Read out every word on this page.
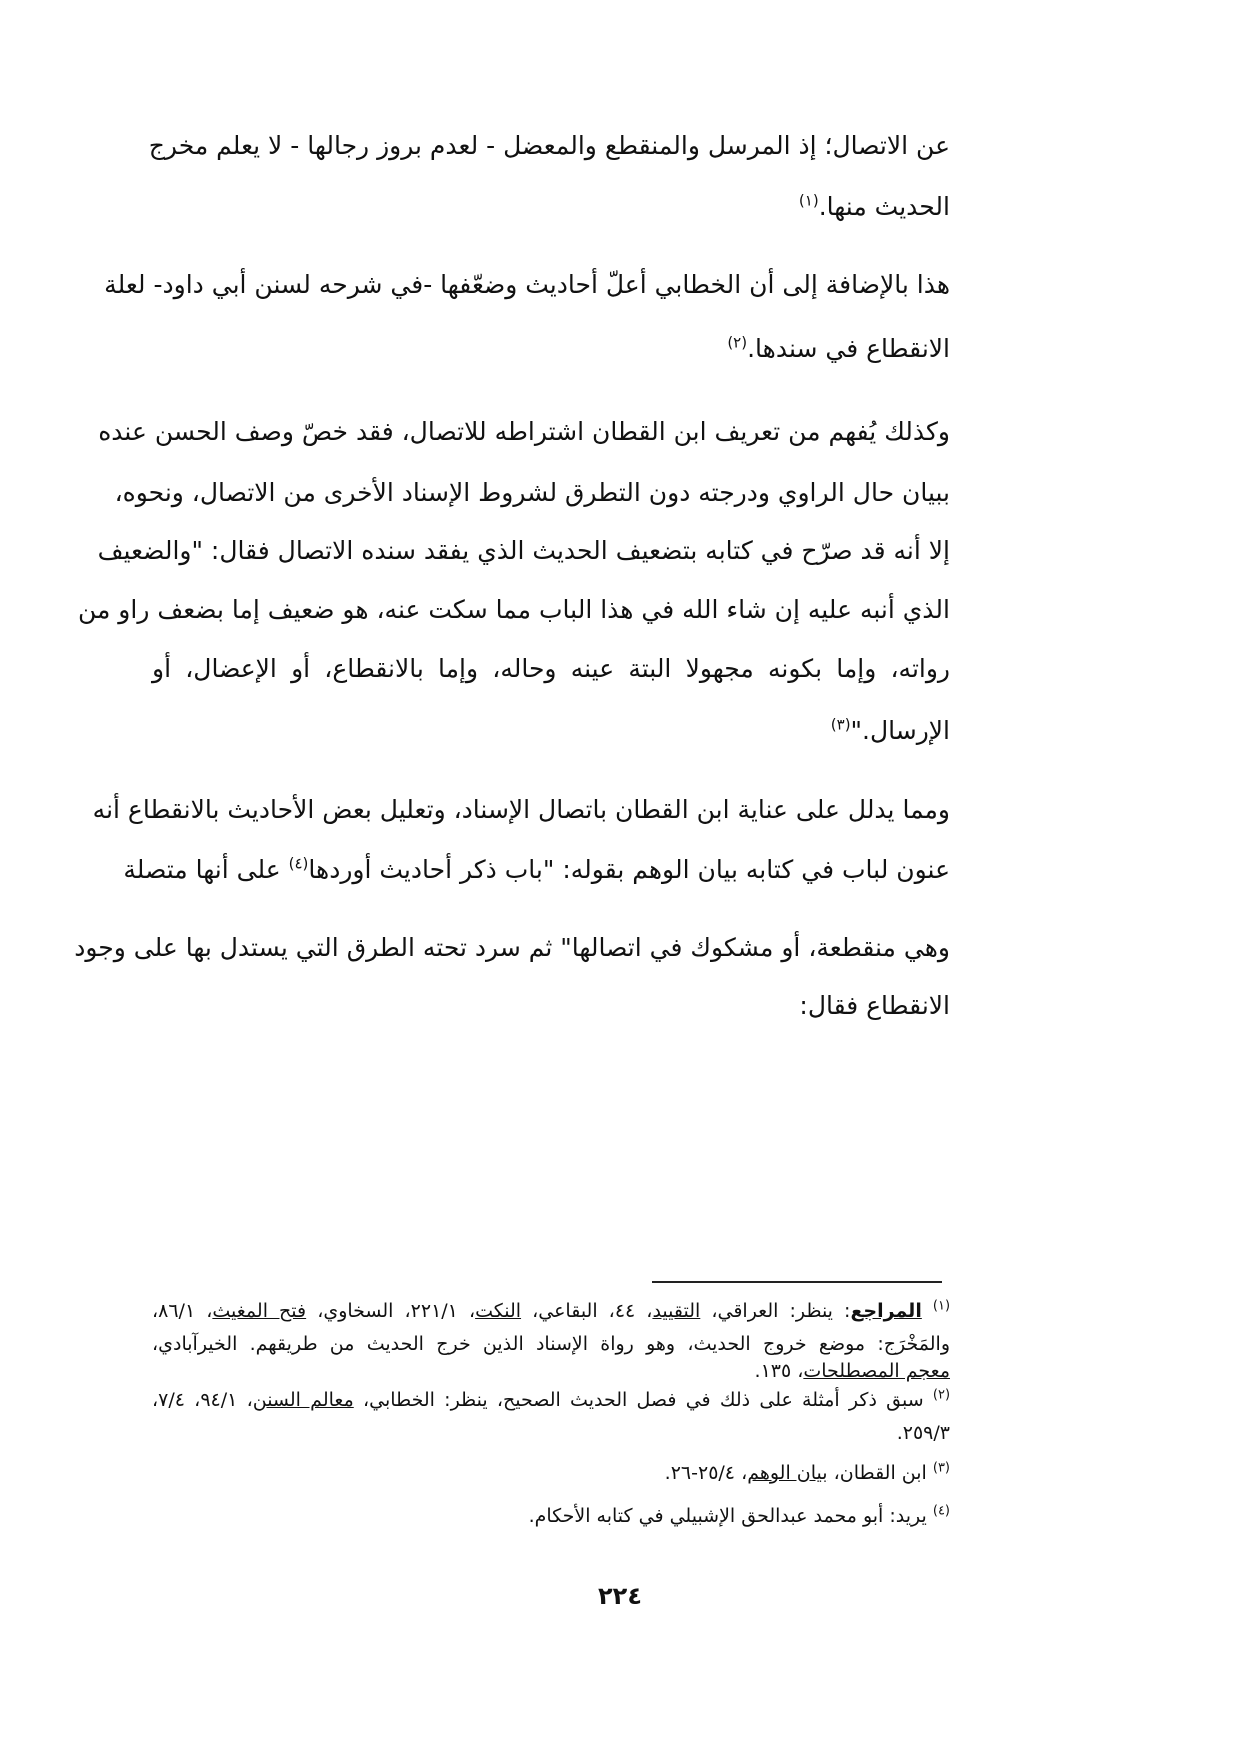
عن الاتصال؛ إذ المرسل والمنقطع والمعضل - لعدم بروز رجالها - لا يعلم مخرج
الحديث منها.$^{(١)}$
هذا بالإضافة إلى أن الخطابي أعلّ أحاديث وضعّفها -في شرحه لسنن أبي داود- لعلة
الانقطاع في سندها.$^{(٢)}$
وكذلك يُفهم من تعريف ابن القطان اشتراطه للاتصال، فقد خصّ وصف الحسن عنده
ببيان حال الراوي ودرجته دون التطرق لشروط الإسناد الأخرى من الاتصال، ونحوه،
إلا أنه قد صرّح في كتابه بتضعيف الحديث الذي يفقد سنده الاتصال فقال: "والضعيف
الذي أنبه عليه إن شاء الله في هذا الباب مما سكت عنه، هو ضعيف إما بضعف راو من
رواته، وإما بكونه مجهولا البتة عينه وحاله، وإما بالانقطاع، أو الإعضال، أو
الإرسال."$^{(٣)}$
ومما يدلل على عناية ابن القطان باتصال الإسناد، وتعليل بعض الأحاديث بالانقطاع أنه
عنون لباب في كتابه بيان الوهم بقوله: "باب ذكر أحاديث أوردها$^{(٤)}$ على أنها متصلة
وهي منقطعة، أو مشكوك في اتصالها" ثم سرد تحته الطرق التي يستدل بها على وجود
الانقطاع فقال:
$^{(١)}$ المراجع: ينظر: العراقي، التقييد، ٤٤، البقاعي، النكت، ٢٢١/١، السخاوي، فتح المغيث، ٨٦/١،
والمَخْرَج: موضع خروج الحديث، وهو رواة الإسناد الذين خرج الحديث من طريقهم. الخيرآبادي،
معجم المصطلحات، ١٣٥.
$^{(٢)}$ سبق ذكر أمثلة على ذلك في فصل الحديث الصحيح، ينظر: الخطابي، معالم السنن، ٩٤/١، ٧/٤،
٢٥٩/٣.
$^{(٣)}$ ابن القطان، بيان الوهم، ٢٥/٤-٢٦.
$^{(٤)}$ يريد: أبو محمد عبدالحق الإشبيلي في كتابه الأحكام.
٢٢٤
